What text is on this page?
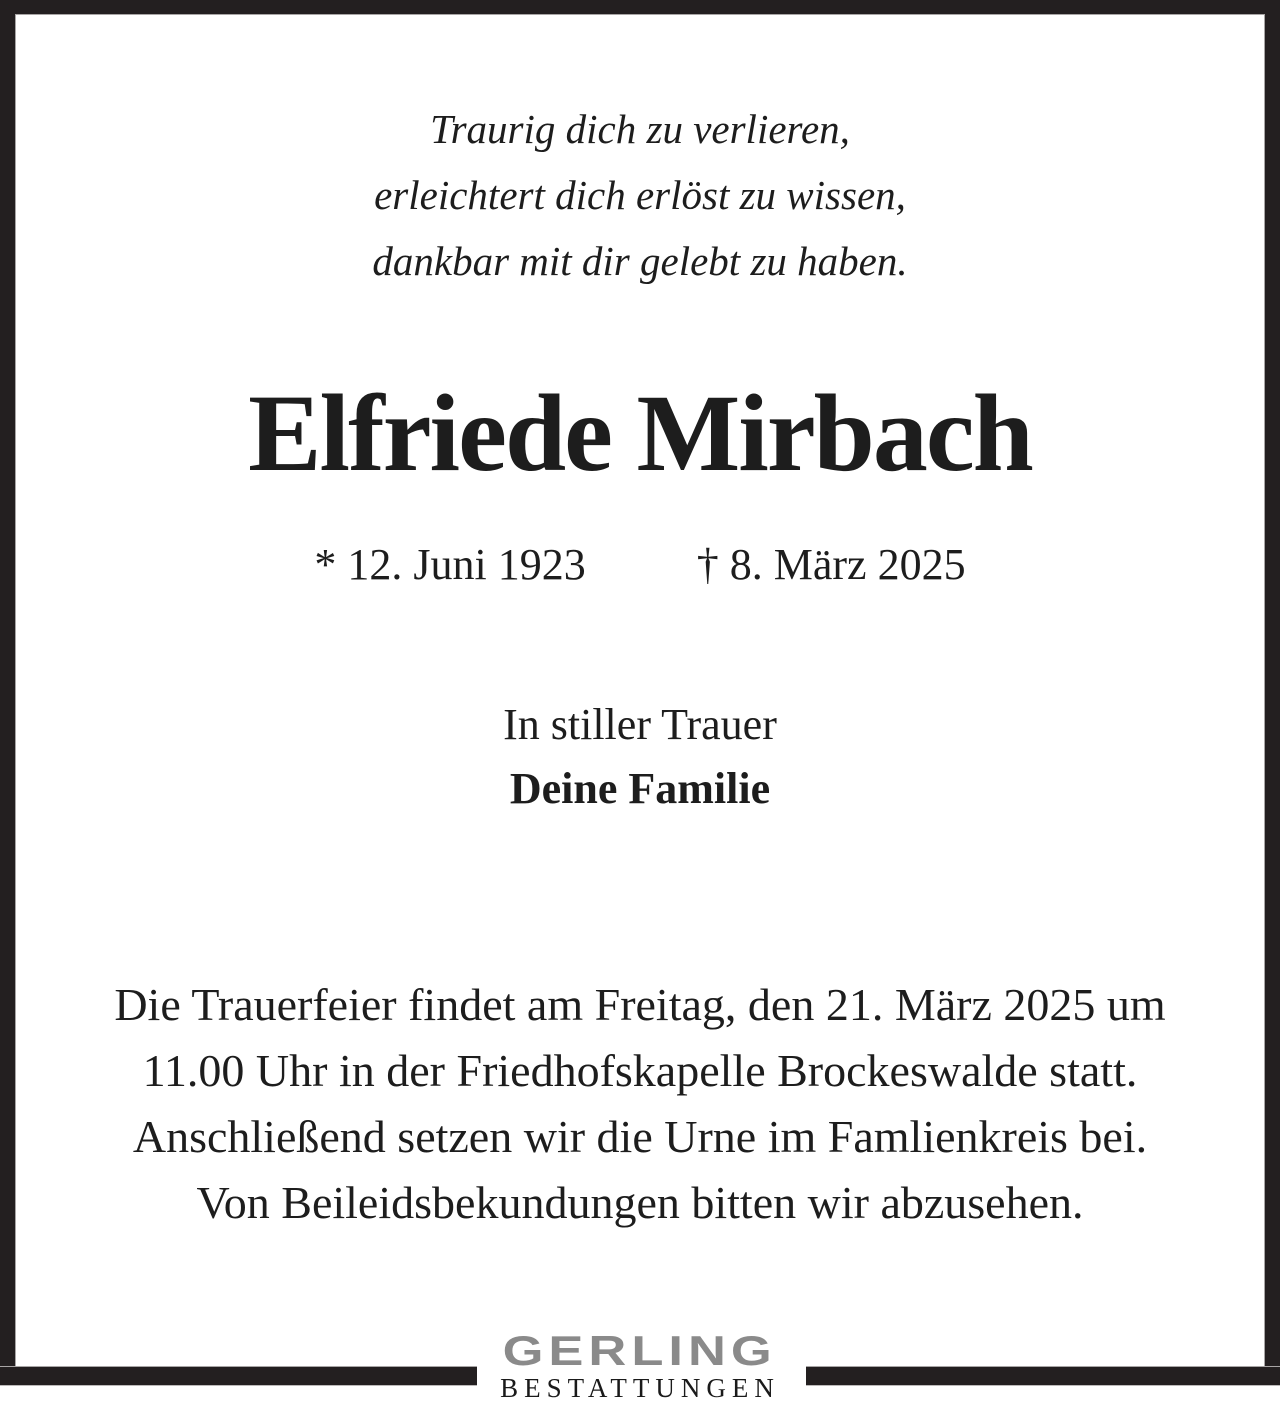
Traurig dich zu verlieren,
erleichtert dich erlöst zu wissen,
dankbar mit dir gelebt zu haben.
Elfriede Mirbach
* 12. Juni 1923	† 8. März 2025
In stiller Trauer
Deine Familie
Die Trauerfeier findet am Freitag, den 21. März 2025 um
11.00 Uhr in der Friedhofskapelle Brockeswalde statt.
Anschließend setzen wir die Urne im Famlienkreis bei.
Von Beileidsbekundungen bitten wir abzusehen.
GERLING
BESTATTUNGEN
